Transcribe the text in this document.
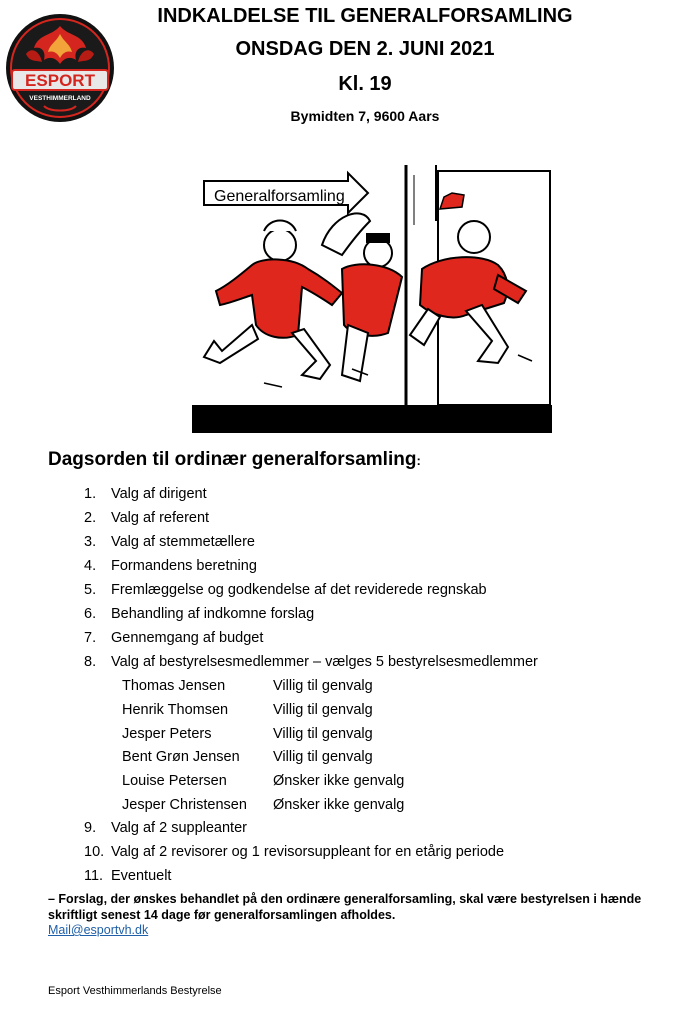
ESPORT
VESTHIMMERLAND
INDKALDELSE TIL GENERALFORSAMLING
ONSDAG DEN 2. JUNI 2021
Kl. 19
Bymidten 7, 9600 Aars
Generalforsamling
Dagsorden til ordinær generalforsamling:
1.	Valg af dirigent
2.	Valg af referent
3.	Valg af stemmetællere
4.	Formandens beretning
5.	Fremlæggelse og godkendelse af det reviderede regnskab
6.	Behandling af indkomne forslag
7.	Gennemgang af budget
8.	Valg af bestyrelsesmedlemmer – vælges 5 bestyrelsesmedlemmer
Thomas Jensen	Villig til genvalg
Henrik Thomsen	Villig til genvalg
Jesper Peters	Villig til genvalg
Bent Grøn Jensen	Villig til genvalg
Louise Petersen	Ønsker ikke genvalg
Jesper Christensen	Ønsker ikke genvalg
9.	Valg af 2 suppleanter
10. Valg af 2 revisorer og 1 revisorsuppleant for en etårig periode
11. Eventuelt
– Forslag, der ønskes behandlet på den ordinære generalforsamling, skal være bestyrelsen i hænde skriftligt senest 14 dage før generalforsamlingen afholdes.
Mail@esportvh.dk
Esport Vesthimmerlands Bestyrelse
